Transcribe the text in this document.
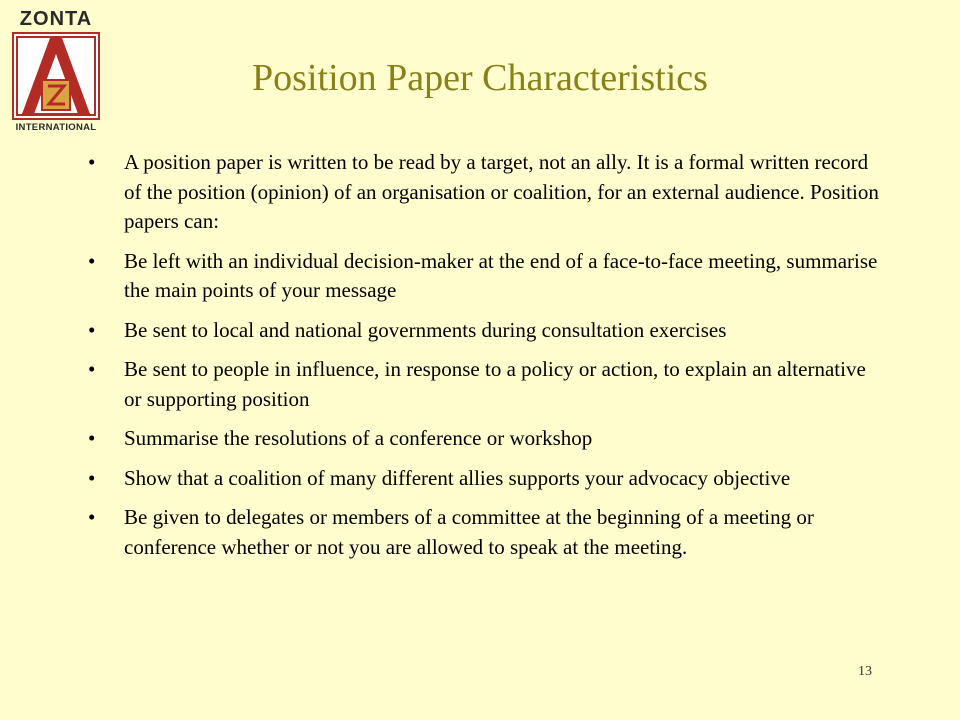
ZONTA
INTERNATIONAL
Position Paper Characteristics
• A position paper is written to be read by a target, not an ally. It is a formal written record of the position (opinion) of an organisation or coalition, for an external audience. Position papers can:
• Be left with an individual decision-maker at the end of a face-to-face meeting, summarise the main points of your message
• Be sent to local and national governments during consultation exercises
• Be sent to people in influence, in response to a policy or action, to explain an alternative or supporting position
• Summarise the resolutions of a conference or workshop
• Show that a coalition of many different allies supports your advocacy objective
• Be given to delegates or members of a committee at the beginning of a meeting or conference whether or not you are allowed to speak at the meeting.
13
